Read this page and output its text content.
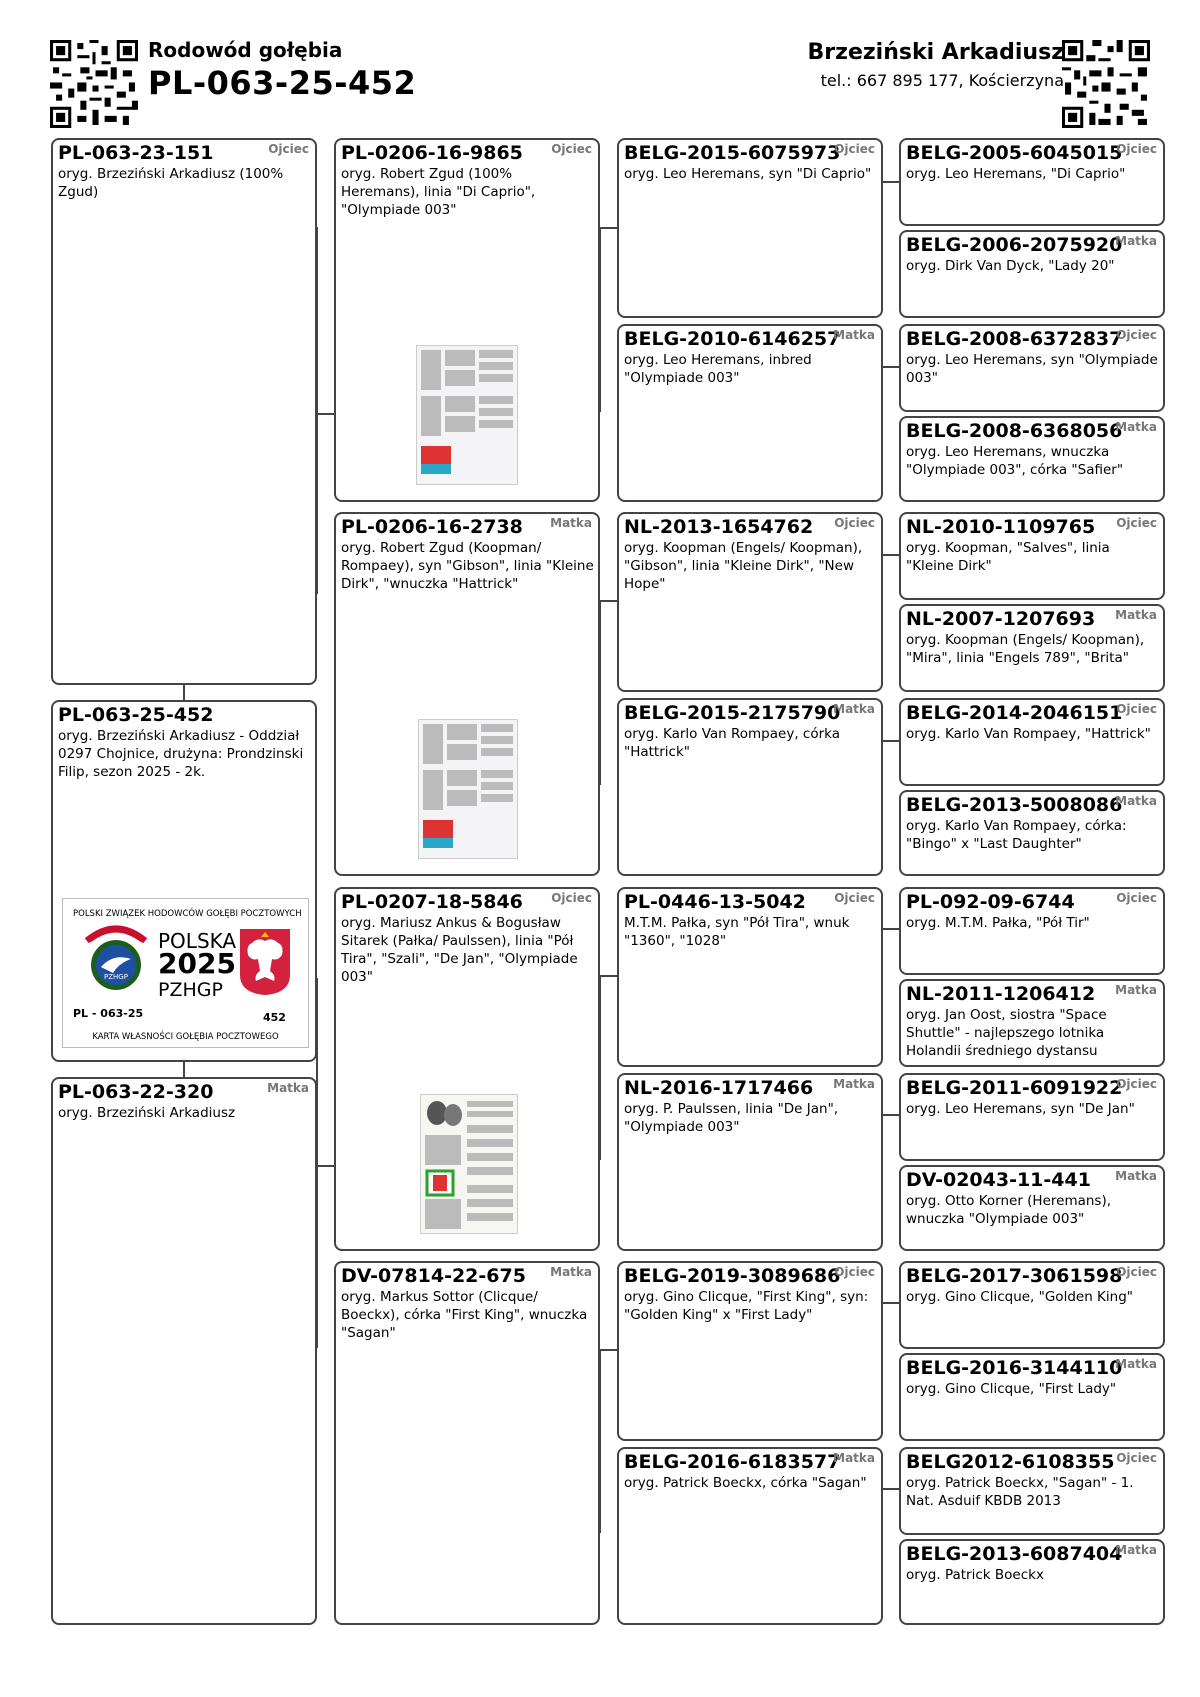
Rodowód gołębia
PL-063-25-452
Brzeziński Arkadiusz
tel.: 667 895 177, Kościerzyna
PL-063-23-151	Ojciec
oryg. Brzeziński Arkadiusz (100% Zgud)
PL-063-25-452
oryg. Brzeziński Arkadiusz - Oddział 0297 Chojnice, drużyna: Prondzinski Filip, sezon 2025 - 2k.
POLSKI ZWIĄZEK HODOWCÓW GOŁĘBI POCZTOWYCH
PZHGP
POLSKA
2025
PZHGP
PL - 063-25	452
KARTA WŁASNOŚCI GOŁĘBIA POCZTOWEGO
PL-063-22-320	Matka
oryg. Brzeziński Arkadiusz
PL-0206-16-9865	Ojciec
oryg. Robert Zgud (100% Heremans), linia "Di Caprio", "Olympiade 003"
PL-0206-16-2738	Matka
oryg. Robert Zgud (Koopman/ Rompaey), syn "Gibson", linia "Kleine Dirk", "wnuczka "Hattrick"
PL-0207-18-5846	Ojciec
oryg. Mariusz Ankus & Bogusław Sitarek (Pałka/ Paulssen), linia "Pół Tira", "Szali", "De Jan", "Olympiade 003"
DV-07814-22-675	Matka
oryg. Markus Sottor (Clicque/ Boeckx), córka "First King", wnuczka "Sagan"
BELG-2015-6075973
Ojciec
oryg. Leo Heremans, syn "Di Caprio"
BELG-2010-6146257
Matka
oryg. Leo Heremans, inbred "Olympiade 003"
NL-2013-1654762	Ojciec
oryg. Koopman (Engels/ Koopman), "Gibson", linia "Kleine Dirk", "New Hope"
BELG-2015-2175790
Matka
oryg. Karlo Van Rompaey, córka "Hattrick"
PL-0446-13-5042	Ojciec
M.T.M. Pałka, syn "Pół Tira", wnuk "1360", "1028"
NL-2016-1717466	Matka
oryg. P. Paulssen, linia "De Jan", "Olympiade 003"
BELG-2019-3089686
Ojciec
oryg. Gino Clicque, "First King", syn: "Golden King" x "First Lady"
BELG-2016-6183577
Matka
oryg. Patrick Boeckx, córka "Sagan"
BELG-2005-6045015
Ojciec
oryg. Leo Heremans, "Di Caprio"
BELG-2006-2075920
Matka
oryg. Dirk Van Dyck, "Lady 20"
BELG-2008-6372837
Ojciec
oryg. Leo Heremans, syn "Olympiade 003"
BELG-2008-6368056
Matka
oryg. Leo Heremans, wnuczka "Olympiade 003", córka "Safier"
NL-2010-1109765	Ojciec
oryg. Koopman, "Salves", linia "Kleine Dirk"
NL-2007-1207693	Matka
oryg. Koopman (Engels/ Koopman), "Mira", linia "Engels 789", "Brita"
BELG-2014-2046151
Ojciec
oryg. Karlo Van Rompaey, "Hattrick"
BELG-2013-5008086
Matka
oryg. Karlo Van Rompaey, córka: "Bingo" x "Last Daughter"
PL-092-09-6744	Ojciec
oryg. M.T.M. Pałka, "Pół Tir"
NL-2011-1206412	Matka
oryg. Jan Oost, siostra "Space Shuttle" - najlepszego lotnika Holandii średniego dystansu
BELG-2011-6091922
Ojciec
oryg. Leo Heremans, syn "De Jan"
DV-02043-11-441	Matka
oryg. Otto Korner (Heremans), wnuczka "Olympiade 003"
BELG-2017-3061598
Ojciec
oryg. Gino Clicque, "Golden King"
BELG-2016-3144110
Matka
oryg. Gino Clicque, "First Lady"
BELG2012-6108355 Ojciec
oryg. Patrick Boeckx, "Sagan" - 1. Nat. Asduif KBDB 2013
BELG-2013-6087404
Matka
oryg. Patrick Boeckx
